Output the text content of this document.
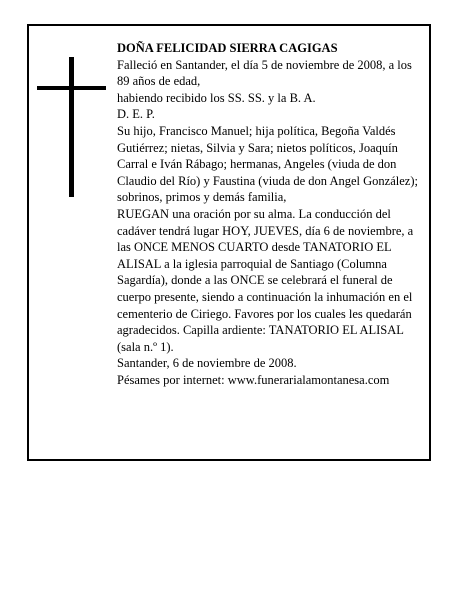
DOÑA FELICIDAD SIERRA CAGIGAS

Falleció en Santander, el día 5 de noviembre de 2008, a los 89 años de edad,

habiendo recibido los SS. SS. y la B. A.

D. E. P.

Su hijo, Francisco Manuel; hija política, Begoña Valdés Gutiérrez; nietas, Silvia y Sara; nietos políticos, Joaquín Carral e Iván Rábago; hermanas, Angeles (viuda de don Claudio del Río) y Faustina (viuda de don Angel González); sobrinos, primos y demás familia,

RUEGAN una oración por su alma. La conducción del cadáver tendrá lugar HOY, JUEVES, día 6 de noviembre, a las ONCE MENOS CUARTO desde TANATORIO EL ALISAL a la iglesia parroquial de Santiago (Columna Sagardía), donde a las ONCE se celebrará el funeral de cuerpo presente, siendo a continuación la inhumación en el cementerio de Ciriego. Favores por los cuales les quedarán agradecidos. Capilla ardiente: TANATORIO EL ALISAL (sala n.º 1).

Santander, 6 de noviembre de 2008.

Pésames por internet: www.funerarialamontanesa.com
